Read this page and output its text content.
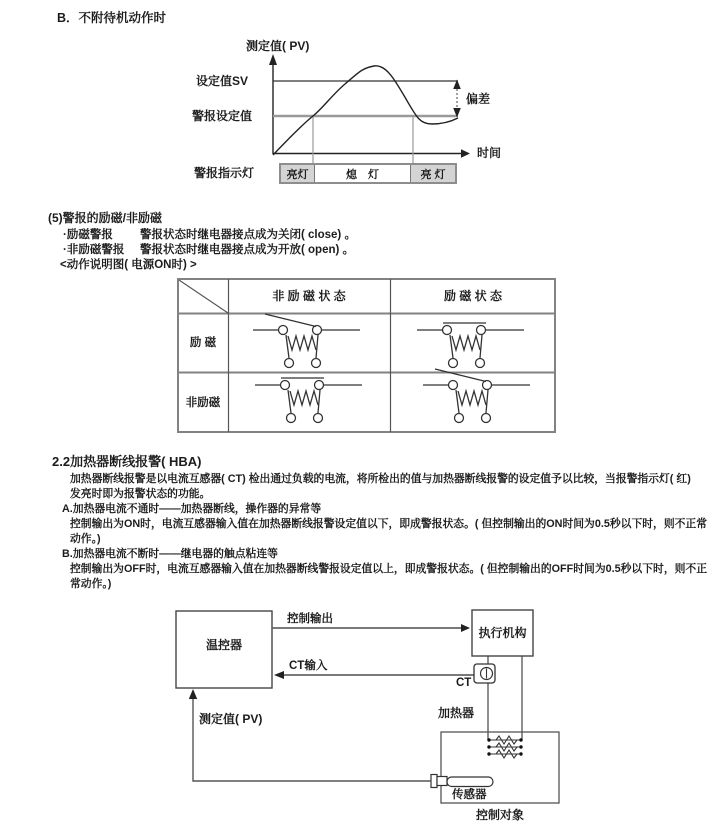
B．不附待机动作时
测定值( PV)
设定值SV
警报设定值
偏差
时间
警报指示灯	亮灯	熄　灯	亮 灯
(5)警报的励磁/非励磁
·励磁警报 警报状态时继电器接点成为关闭( close) 。
·非励磁警报 警报状态时继电器接点成为开放( open) 。
<动作说明图( 电源ON时) >
非 励 磁 状 态	励 磁 状 态
励 磁
非励磁
2.2加热器断线报警( HBA)
加热器断线报警是以电流互感器( CT) 检出通过负载的电流，将所检出的值与加热器断线报警的设定值予以比较，当报警指示灯( 红)
发亮时即为报警状态的功能。
A.加热器电流不通时——加热器断线，操作器的异常等
控制输出为ON时，电流互感器输入值在加热器断线报警设定值以下，即成警报状态。( 但控制输出的ON时间为0.5秒以下时，则不正常
动作。)
B.加热器电流不断时——继电器的触点粘连等
控制输出为OFF时，电流互感器输入值在加热器断线警报设定值以上，即成警报状态。( 但控制输出的OFF时间为0.5秒以下时，则不正
常动作。)
温控器
执行机构
控制输出
CT输入
CT
加热器
传感器
控制对象
测定值( PV)
